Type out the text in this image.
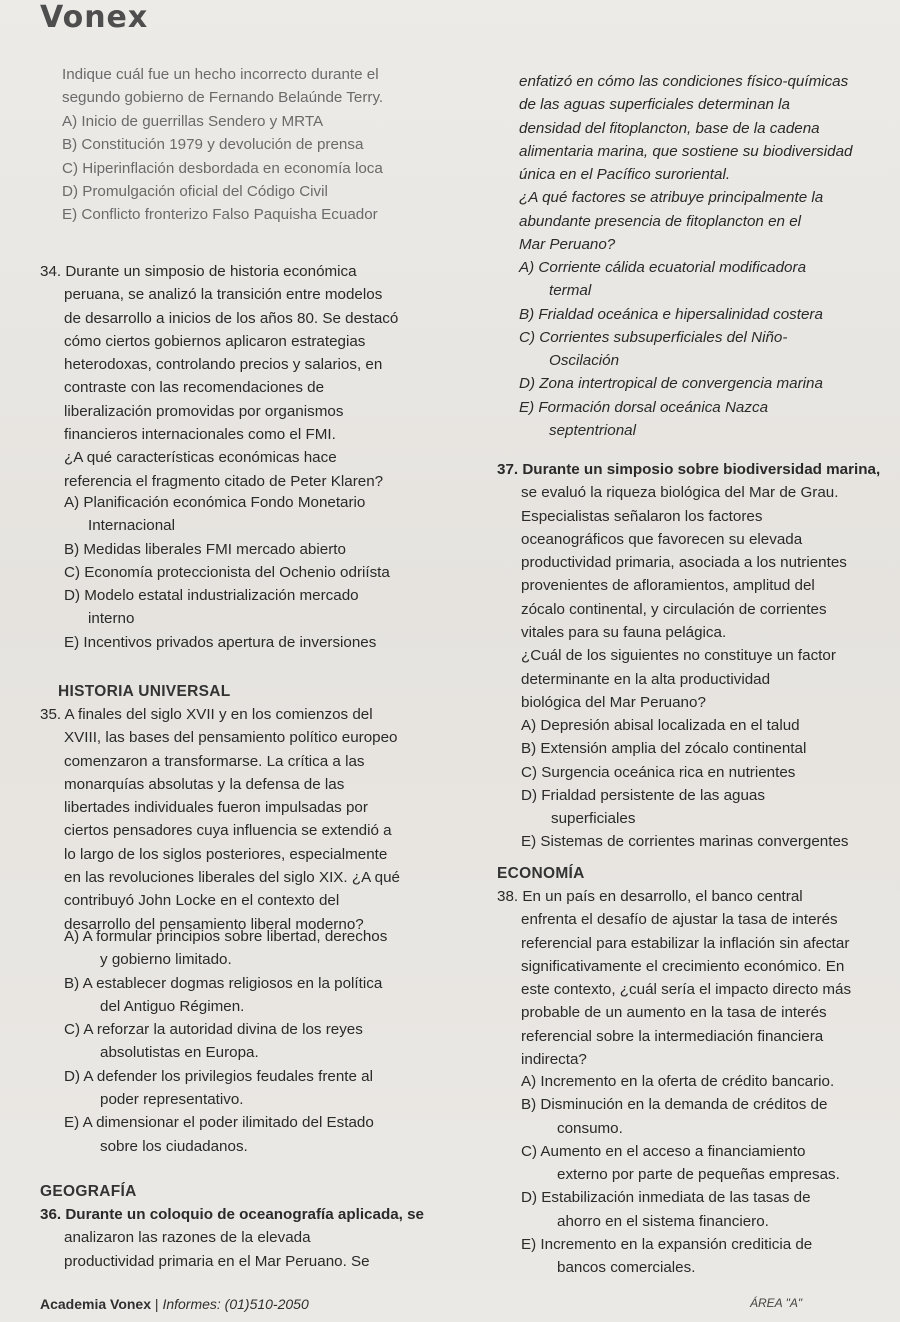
Vonex
Indique cuál fue un hecho incorrecto durante el
segundo gobierno de Fernando Belaúnde Terry.
A) Inicio de guerrillas Sendero y MRTA
B) Constitución 1979 y devolución de prensa
C) Hiperinflación desbordada en economía loca
D) Promulgación oficial del Código Civil
E) Conflicto fronterizo Falso Paquisha Ecuador
34. Durante un simposio de historia económica
peruana, se analizó la transición entre modelos
de desarrollo a inicios de los años 80. Se destacó
cómo ciertos gobiernos aplicaron estrategias
heterodoxas, controlando precios y salarios, en
contraste con las recomendaciones de
liberalización promovidas por organismos
financieros internacionales como el FMI.
¿A qué características económicas hace
referencia el fragmento citado de Peter Klaren?
A) Planificación económica Fondo Monetario
Internacional
B) Medidas liberales FMI mercado abierto
C) Economía proteccionista del Ochenio odriísta
D) Modelo estatal industrialización mercado
interno
E) Incentivos privados apertura de inversiones
HISTORIA UNIVERSAL
35. A finales del siglo XVII y en los comienzos del
XVIII, las bases del pensamiento político europeo
comenzaron a transformarse. La crítica a las
monarquías absolutas y la defensa de las
libertades individuales fueron impulsadas por
ciertos pensadores cuya influencia se extendió a
lo largo de los siglos posteriores, especialmente
en las revoluciones liberales del siglo XIX. ¿A qué
contribuyó John Locke en el contexto del
desarrollo del pensamiento liberal moderno?
A) A formular principios sobre libertad, derechos
y gobierno limitado.
B) A establecer dogmas religiosos en la política
del Antiguo Régimen.
C) A reforzar la autoridad divina de los reyes
absolutistas en Europa.
D) A defender los privilegios feudales frente al
poder representativo.
E) A dimensionar el poder ilimitado del Estado
sobre los ciudadanos.
GEOGRAFÍA
36. Durante un coloquio de oceanografía aplicada, se
analizaron las razones de la elevada
productividad primaria en el Mar Peruano. Se
enfatizó en cómo las condiciones físico-químicas
de las aguas superficiales determinan la
densidad del fitoplancton, base de la cadena
alimentaria marina, que sostiene su biodiversidad
única en el Pacífico suroriental.
¿A qué factores se atribuye principalmente la
abundante presencia de fitoplancton en el
Mar Peruano?
A) Corriente cálida ecuatorial modificadora
termal
B) Frialdad oceánica e hipersalinidad costera
C) Corrientes subsuperficiales del Niño-
Oscilación
D) Zona intertropical de convergencia marina
E) Formación dorsal oceánica Nazca
septentrional
37. Durante un simposio sobre biodiversidad marina,
se evaluó la riqueza biológica del Mar de Grau.
Especialistas señalaron los factores
oceanográficos que favorecen su elevada
productividad primaria, asociada a los nutrientes
provenientes de afloramientos, amplitud del
zócalo continental, y circulación de corrientes
vitales para su fauna pelágica.
¿Cuál de los siguientes no constituye un factor
determinante en la alta productividad
biológica del Mar Peruano?
A) Depresión abisal localizada en el talud
B) Extensión amplia del zócalo continental
C) Surgencia oceánica rica en nutrientes
D) Frialdad persistente de las aguas
superficiales
E) Sistemas de corrientes marinas convergentes
ECONOMÍA
38. En un país en desarrollo, el banco central
enfrenta el desafío de ajustar la tasa de interés
referencial para estabilizar la inflación sin afectar
significativamente el crecimiento económico. En
este contexto, ¿cuál sería el impacto directo más
probable de un aumento en la tasa de interés
referencial sobre la intermediación financiera
indirecta?
A) Incremento en la oferta de crédito bancario.
B) Disminución en la demanda de créditos de
consumo.
C) Aumento en el acceso a financiamiento
externo por parte de pequeñas empresas.
D) Estabilización inmediata de las tasas de
ahorro en el sistema financiero.
E) Incremento en la expansión crediticia de
bancos comerciales.
Academia Vonex | Informes: (01)510-2050	ÁREA "A"
